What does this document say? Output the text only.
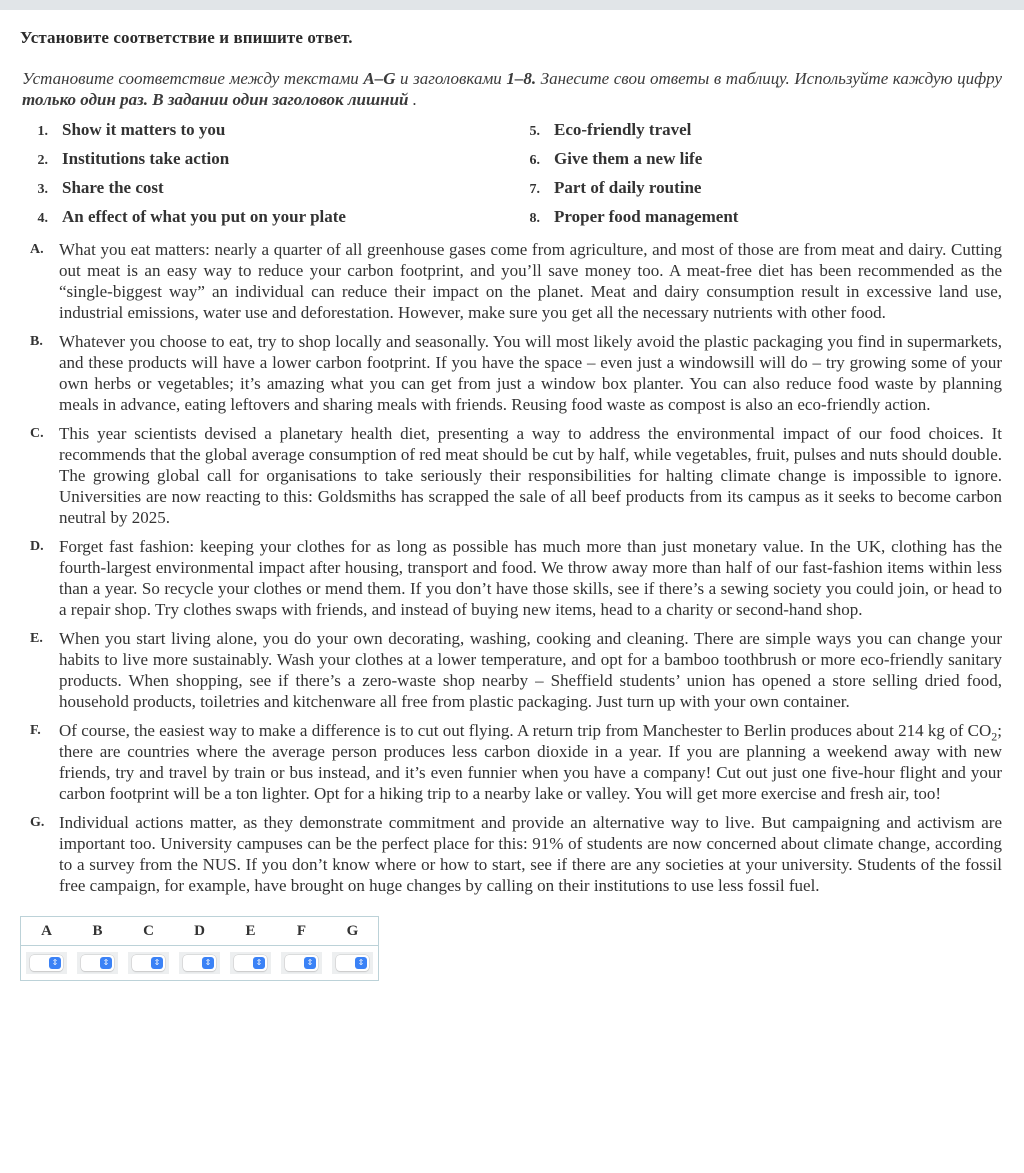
Установите соответствие и впишите ответ.
Установите соответствие между текстами A–G и заголовками 1–8. Занесите свои ответы в таблицу. Используйте каждую цифру только один раз. В задании один заголовок лишний .
1. Show it matters to you
2. Institutions take action
3. Share the cost
4. An effect of what you put on your plate
5. Eco-friendly travel
6. Give them a new life
7. Part of daily routine
8. Proper food management
A. What you eat matters: nearly a quarter of all greenhouse gases come from agriculture, and most of those are from meat and dairy. Cutting out meat is an easy way to reduce your carbon footprint, and you’ll save money too. A meat-free diet has been recommended as the “single-biggest way” an individual can reduce their impact on the planet. Meat and dairy consumption result in excessive land use, industrial emissions, water use and deforestation. However, make sure you get all the necessary nutrients with other food.
B. Whatever you choose to eat, try to shop locally and seasonally. You will most likely avoid the plastic packaging you find in supermarkets, and these products will have a lower carbon footprint. If you have the space – even just a windowsill will do – try growing some of your own herbs or vegetables; it’s amazing what you can get from just a window box planter. You can also reduce food waste by planning meals in advance, eating leftovers and sharing meals with friends. Reusing food waste as compost is also an eco-friendly action.
C. This year scientists devised a planetary health diet, presenting a way to address the environmental impact of our food choices. It recommends that the global average consumption of red meat should be cut by half, while vegetables, fruit, pulses and nuts should double. The growing global call for organisations to take seriously their responsibilities for halting climate change is impossible to ignore. Universities are now reacting to this: Goldsmiths has scrapped the sale of all beef products from its campus as it seeks to become carbon neutral by 2025.
D. Forget fast fashion: keeping your clothes for as long as possible has much more than just monetary value. In the UK, clothing has the fourth-largest environmental impact after housing, transport and food. We throw away more than half of our fast-fashion items within less than a year. So recycle your clothes or mend them. If you don’t have those skills, see if there’s a sewing society you could join, or head to a repair shop. Try clothes swaps with friends, and instead of buying new items, head to a charity or second-hand shop.
E. When you start living alone, you do your own decorating, washing, cooking and cleaning. There are simple ways you can change your habits to live more sustainably. Wash your clothes at a lower temperature, and opt for a bamboo toothbrush or more eco-friendly sanitary products. When shopping, see if there’s a zero-waste shop nearby – Sheffield students’ union has opened a store selling dried food, household products, toiletries and kitchenware all free from plastic packaging. Just turn up with your own container.
F.	Of course, the easiest way to make a difference is to cut out flying. A return trip from Manchester to Berlin produces about 214 kg of $CO_2$; there are countries where the average person produces less carbon dioxide in a year. If you are planning a weekend away with new friends, try and travel by train or bus instead, and it’s even funnier when you have a company! Cut out just one five-hour flight and your carbon footprint will be a ton lighter. Opt for a hiking trip to a nearby lake or valley. You will get more exercise and fresh air, too!
G. Individual actions matter, as they demonstrate commitment and provide an alternative way to live. But campaigning and activism are important too. University campuses can be the perfect place for this: 91% of students are now concerned about climate change, according to a survey from the NUS. If you don’t know where or how to start, see if there are any societies at your university. Students of the fossil free campaign, for example, have brought on huge changes by calling on their institutions to use less fossil fuel.
A	B	C	D	E	F	G

⇕	⇕	⇕	⇕	⇕	⇕	⇕
